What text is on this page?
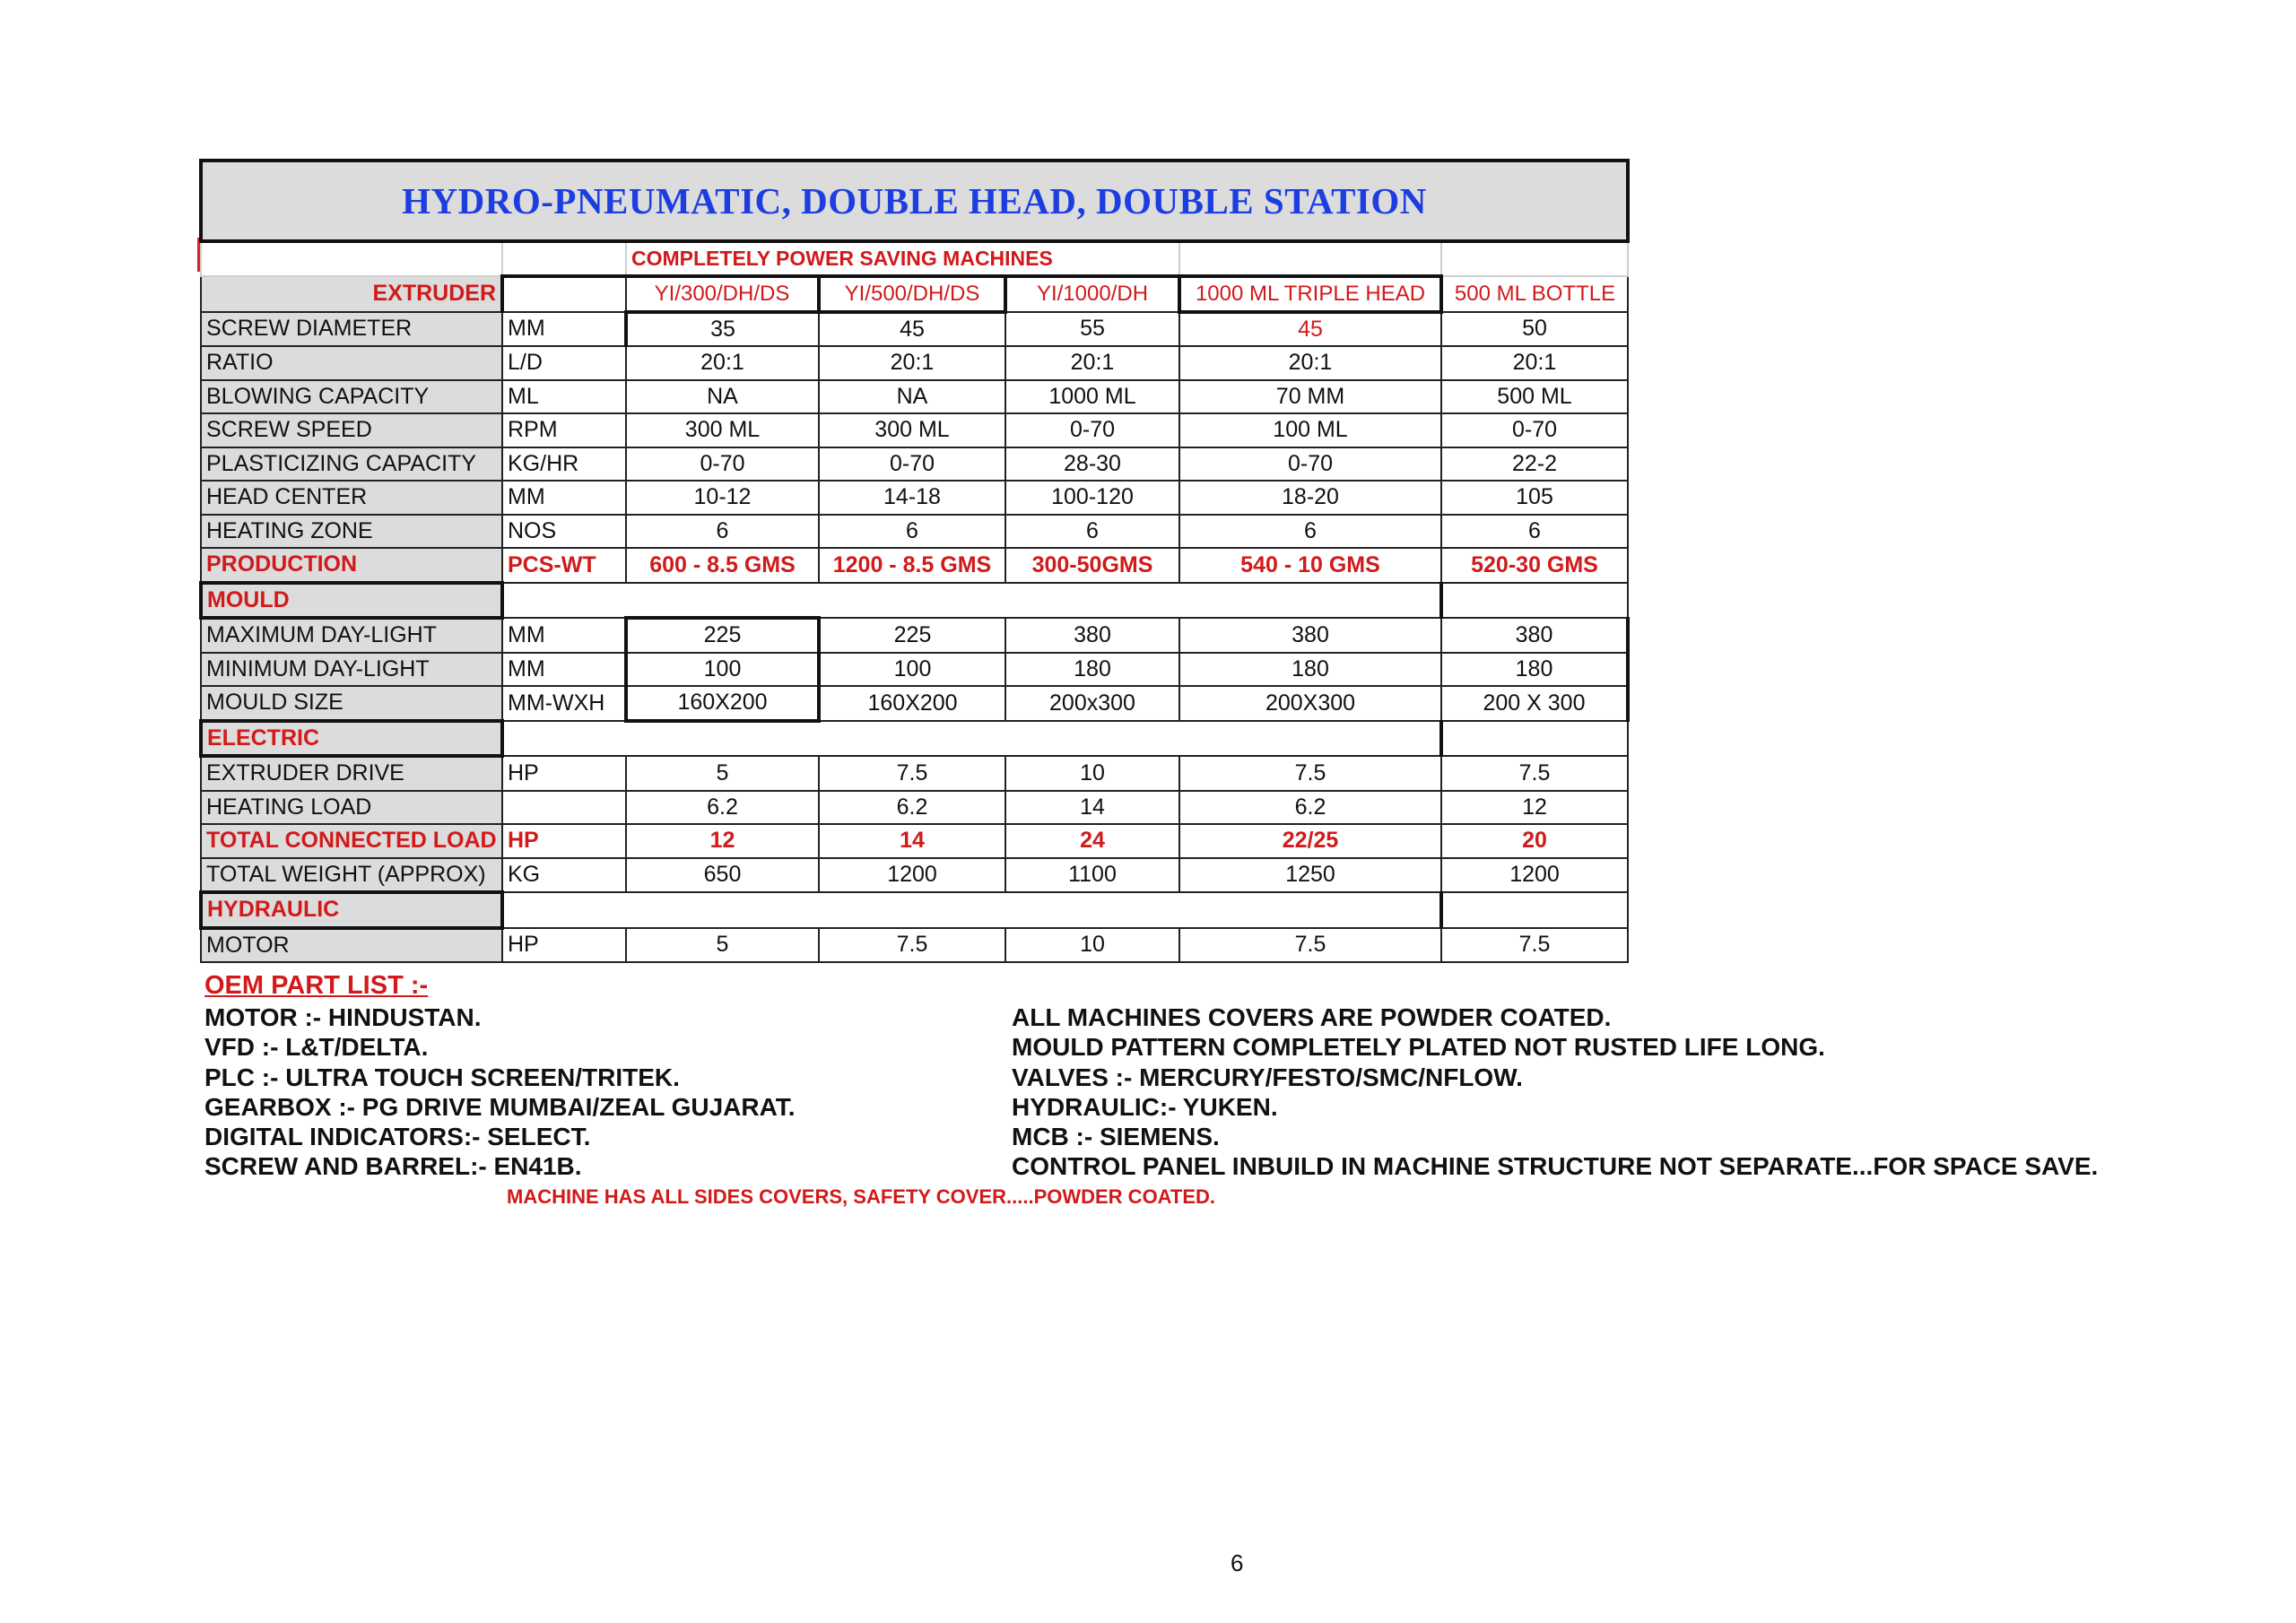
HYDRO-PNEUMATIC, DOUBLE HEAD, DOUBLE STATION						
		COMPLETELY POWER SAVING MACHINES				
EXTRUDER		YI/300/DH/DS	YI/500/DH/DS	YI/1000/DH	1000 ML TRIPLE HEAD	500 ML BOTTLE
SCREW DIAMETER	MM	35	45	55	45	50
RATIO	L/D	20:1	20:1	20:1	20:1	20:1
BLOWING CAPACITY	ML	NA	NA	1000 ML	70 MM	500 ML
SCREW SPEED	RPM	300 ML	300 ML	0-70	100 ML	0-70
PLASTICIZING CAPACITY	KG/HR	0-70	0-70	28-30	0-70	22-2
HEAD CENTER	MM	10-12	14-18	100-120	18-20	105
HEATING ZONE	NOS	6	6	6	6	6
PRODUCTION	PCS-WT	600 - 8.5 GMS	1200 - 8.5 GMS	300-50GMS	540 - 10 GMS	520-30 GMS
MOULD						
MAXIMUM DAY-LIGHT	MM	225	225	380	380	380
MINIMUM DAY-LIGHT	MM	100	100	180	180	180
MOULD SIZE	MM-WXH	160X200	160X200	200x300	200X300	200 X 300
ELECTRIC						
EXTRUDER DRIVE	HP	5	7.5	10	7.5	7.5
HEATING LOAD		6.2	6.2	14	6.2	12
TOTAL CONNECTED LOAD	HP	12	14	24	22/25	20
TOTAL WEIGHT (APPROX)	KG	650	1200	1100	1250	1200
HYDRAULIC						
MOTOR	HP	5	7.5	10	7.5	7.5
OEM PART LIST :-
MOTOR :- HINDUSTAN.
VFD :- L&T/DELTA.
PLC :- ULTRA TOUCH SCREEN/TRITEK.
GEARBOX :- PG DRIVE MUMBAI/ZEAL GUJARAT.
DIGITAL INDICATORS:- SELECT.
SCREW AND BARREL:- EN41B.
ALL MACHINES COVERS ARE POWDER COATED.
MOULD PATTERN COMPLETELY PLATED NOT RUSTED LIFE LONG.
VALVES :- MERCURY/FESTO/SMC/NFLOW.
HYDRAULIC:- YUKEN.
MCB :- SIEMENS.
CONTROL PANEL INBUILD IN MACHINE STRUCTURE NOT SEPARATE...FOR SPACE SAVE.
MACHINE HAS ALL SIDES COVERS, SAFETY COVER.....POWDER COATED.
6
